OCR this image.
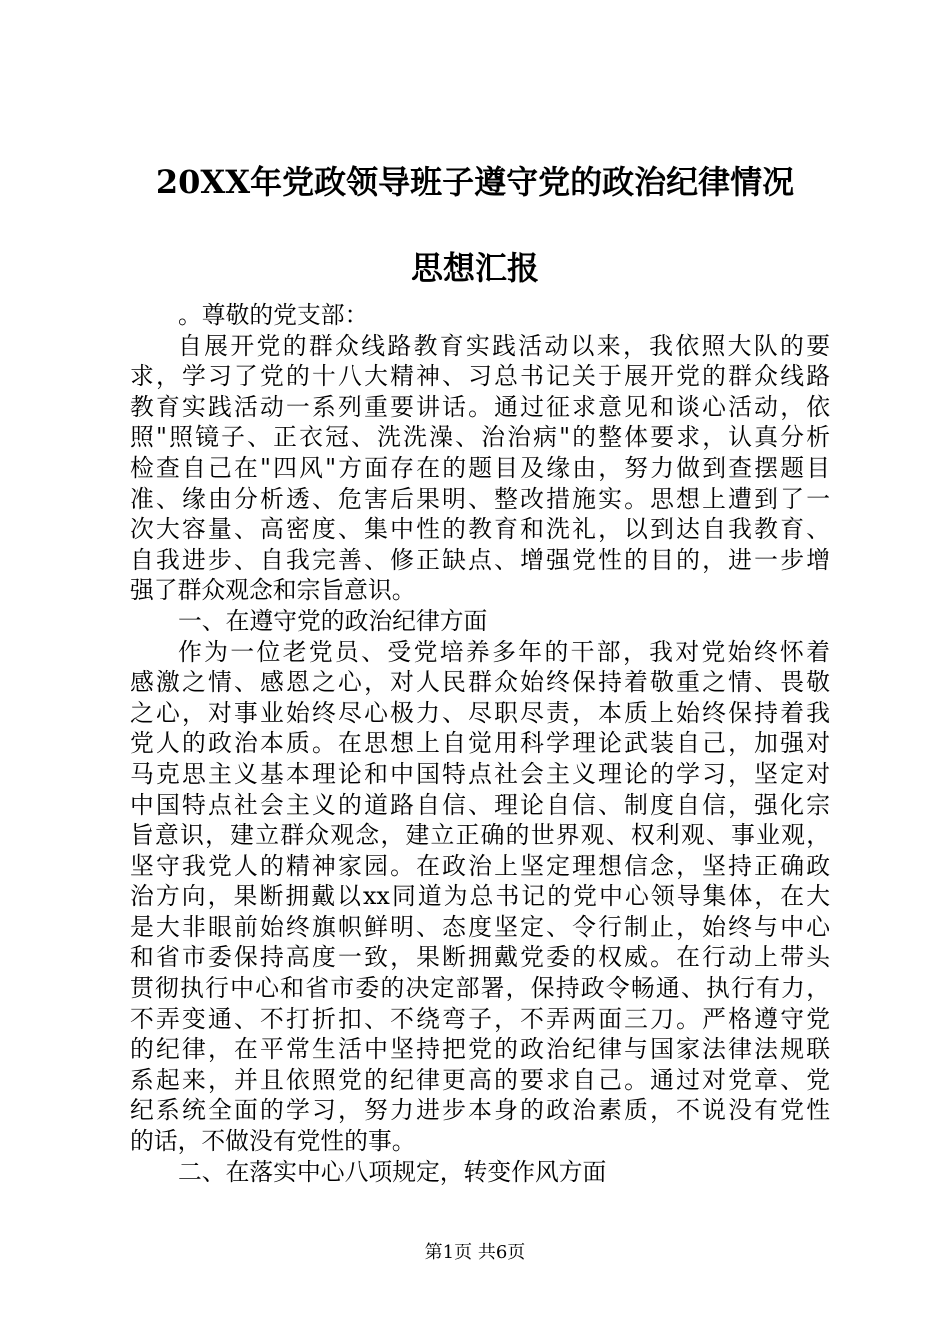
20XX年党政领导班子遵守党的政治纪律情况
思想汇报
。尊敬的党支部：
自展开党的群众线路教育实践活动以来，我依照大队的要
求，学习了党的十八大精神、习总书记关于展开党的群众线路
教育实践活动一系列重要讲话。通过征求意见和谈心活动，依
照"照镜子、正衣冠、洗洗澡、治治病"的整体要求，认真分析
检查自己在"四风"方面存在的题目及缘由，努力做到查摆题目
准、缘由分析透、危害后果明、整改措施实。思想上遭到了一
次大容量、高密度、集中性的教育和洗礼，以到达自我教育、
自我进步、自我完善、修正缺点、增强党性的目的，进一步增
强了群众观念和宗旨意识。
一、在遵守党的政治纪律方面
作为一位老党员、受党培养多年的干部，我对党始终怀着
感激之情、感恩之心，对人民群众始终保持着敬重之情、畏敬
之心，对事业始终尽心极力、尽职尽责，本质上始终保持着我
党人的政治本质。在思想上自觉用科学理论武装自己，加强对
马克思主义基本理论和中国特点社会主义理论的学习，坚定对
中国特点社会主义的道路自信、理论自信、制度自信，强化宗
旨意识，建立群众观念，建立正确的世界观、权利观、事业观，
坚守我党人的精神家园。在政治上坚定理想信念，坚持正确政
治方向，果断拥戴以xx同道为总书记的党中心领导集体，在大
是大非眼前始终旗帜鲜明、态度坚定、令行制止，始终与中心
和省市委保持高度一致，果断拥戴党委的权威。在行动上带头
贯彻执行中心和省市委的决定部署，保持政令畅通、执行有力，
不弄变通、不打折扣、不绕弯子，不弄两面三刀。严格遵守党
的纪律，在平常生活中坚持把党的政治纪律与国家法律法规联
系起来，并且依照党的纪律更高的要求自己。通过对党章、党
纪系统全面的学习，努力进步本身的政治素质，不说没有党性
的话，不做没有党性的事。
二、在落实中心八项规定，转变作风方面
第1页 共6页
